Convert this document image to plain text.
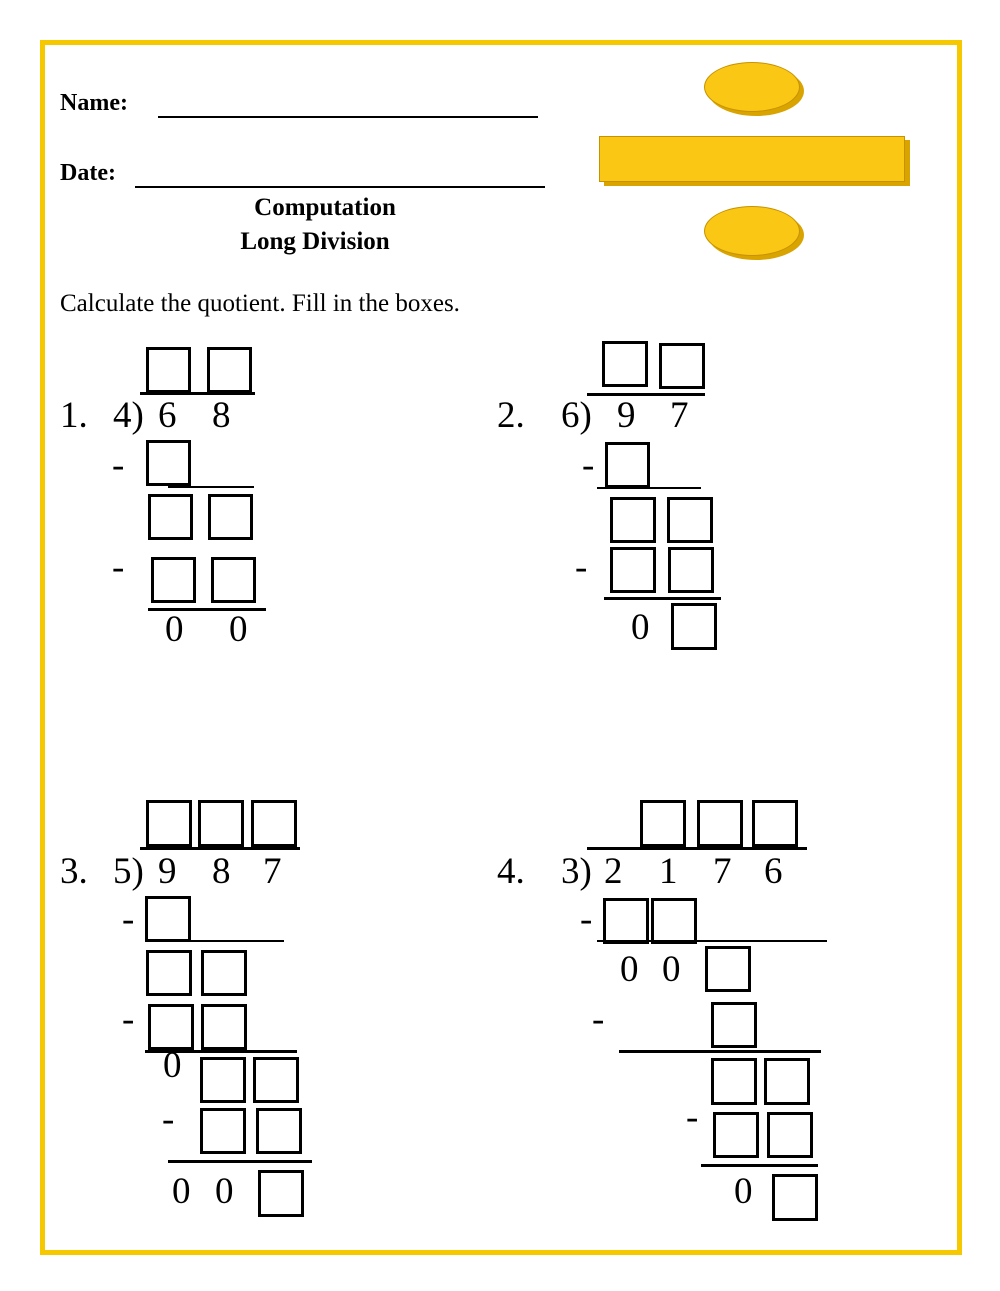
Name:
Date:
Computation
Long Division
Calculate the quotient. Fill in the boxes.
1. 4) 6 8
-
-
0 0
2. 6) 9 7
-
-
0
3. 5) 9 8 7
-
-
0
-
0 0
4. 3) 2 1 7 6
-
0 0
-
-
0
